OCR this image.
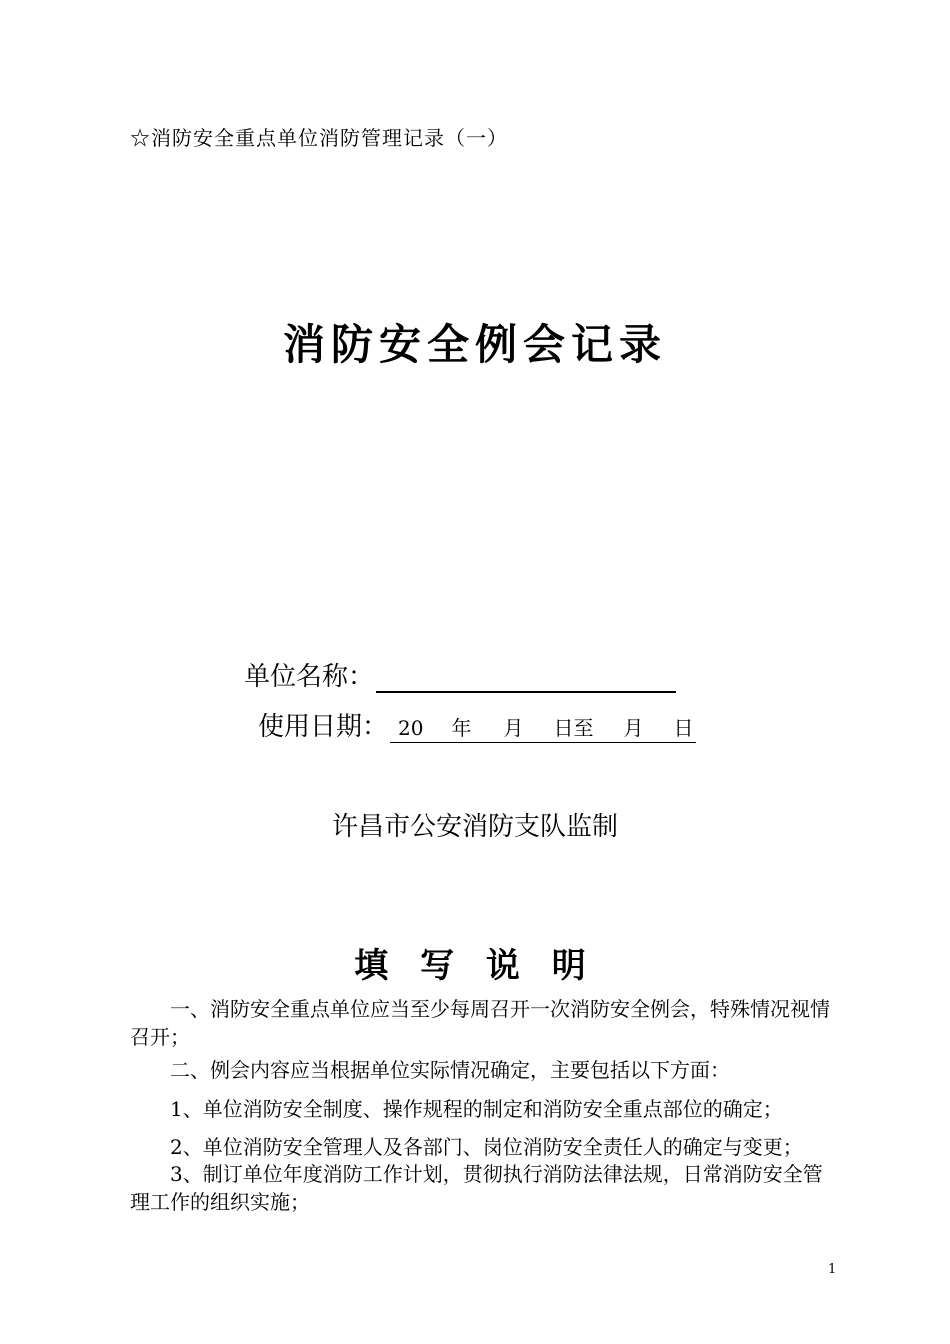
☆消防安全重点单位消防管理记录（一）
消防安全例会记录
单位名称：
使用日期： 20 年 月 日至 月 日
许昌市公安消防支队监制
填 写 说 明
一、消防安全重点单位应当至少每周召开一次消防安全例会，特殊情况视情召开；
二、例会内容应当根据单位实际情况确定，主要包括以下方面：
1、单位消防安全制度、操作规程的制定和消防安全重点部位的确定；
2、单位消防安全管理人及各部门、岗位消防安全责任人的确定与变更；
3、制订单位年度消防工作计划，贯彻执行消防法律法规，日常消防安全管理工作的组织实施；
1
